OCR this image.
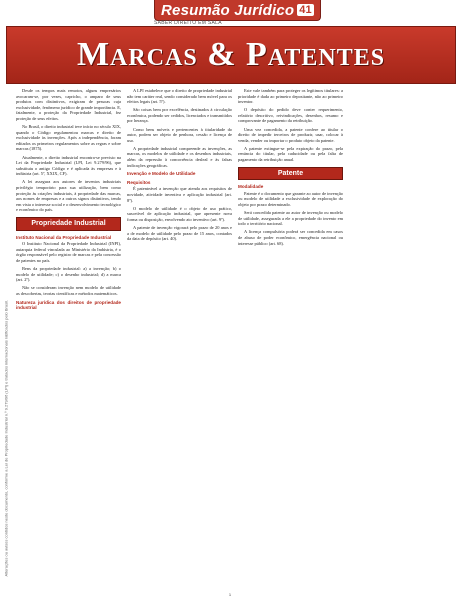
Resumão Jurídico 41
SABER DIREITO EM SALA
Marcas & Patentes
Alterações ou avisos contidos neste documento, conforme a Lei de Propriedade Industrial n.º 9.279/96 (LPI) e tratados internacionais ratificados pelo Brasil.

Desde os tempos mais remotos, alguns empresários avocaram-se, por vezes, capricho, o amparo de seus produtos com distintivos, exigiram de pessoas cuja exclusividade, fenômeno jurídico de grande importância. E, fatalmente, a proteção da Propriedade Industrial, fez proteção de seus efeitos.

No Brasil, o direito industrial teve início no século XIX, quando o Código regulamentou marcas e direito de exclusividade às invenções. Após a independência, foram editados os primeiros regulamentos sobre as regras e sobre marcas (1875).

Atualmente, o direito industrial encontra-se previsto na Lei da Propriedade Industrial (LPI, Lei 9.279/96), que substituiu o antigo Código e é aplicada às empresas e à indústria (art. 5º, XXIX, CF).

A lei assegura aos autores de inventos industriais privilégio temporário para sua utilização, bem como proteção às criações industriais, à propriedade das marcas, aos nomes de empresas e a outros signos distintivos, tendo em vista o interesse social e o desenvolvimento tecnológico e econômico do país.

Propriedade Industrial
Instituto Nacional da Propriedade Industrial

O Instituto Nacional da Propriedade Industrial (INPI), autarquia federal vinculada ao Ministério da Indústria, é o órgão responsável pelo registro de marcas e pela concessão de patentes no país.

Bens da propriedade industrial: a) a invenção; b) o modelo de utilidade; c) o desenho industrial; d) a marca (art. 2º).

Não se consideram invenção nem modelo de utilidade as descobertas, teorias científicas e métodos matemáticos.

Natureza jurídica dos direitos de propriedade industrial

A LPI estabelece que o direito de propriedade industrial não tem caráter real, sendo considerado bem móvel para os efeitos legais (art. 5º).

São coisas bem por excelência, destinados à circulação econômica, podendo ser cedidos, licenciados e transmitidos por herança.

Como bens móveis e pertencentes à titularidade do autor, podem ser objeto de penhora, cessão e licença de uso.

A propriedade industrial compreende as invenções, as marcas, os modelos de utilidade e os desenhos industriais, além da repressão à concorrência desleal e às falsas indicações geográficas.

Invenção e Modelo de Utilidade
Requisitos

É patenteável a invenção que atenda aos requisitos de novidade, atividade inventiva e aplicação industrial (art. 8º).

O modelo de utilidade é o objeto de uso prático, suscetível de aplicação industrial, que apresente nova forma ou disposição, envolvendo ato inventivo (art. 9º).

A patente de invenção vigorará pelo prazo de 20 anos e a de modelo de utilidade pelo prazo de 15 anos, contados da data de depósito (art. 40).

Este vale também para proteger os legítimos titulares: a prioridade é dada ao primeiro depositante, não ao primeiro inventor.

O depósito do pedido deve conter requerimento, relatório descritivo, reivindicações, desenhos, resumo e comprovante de pagamento da retribuição.

Uma vez concedida, a patente confere ao titular o direito de impedir terceiros de produzir, usar, colocar à venda, vender ou importar o produto objeto da patente.

A patente extingue-se pela expiração do prazo, pela renúncia do titular, pela caducidade ou pela falta de pagamento da retribuição anual.

Patente
Modalidade

Patente é o documento que garante ao autor de invenção ou modelo de utilidade a exclusividade de exploração do objeto por prazo determinado.

Será concedida patente ao autor de invenção ou modelo de utilidade, assegurada a ele a propriedade do invento em todo o território nacional.

A licença compulsória poderá ser concedida em casos de abuso de poder econômico, emergência nacional ou interesse público (art. 68).

1
